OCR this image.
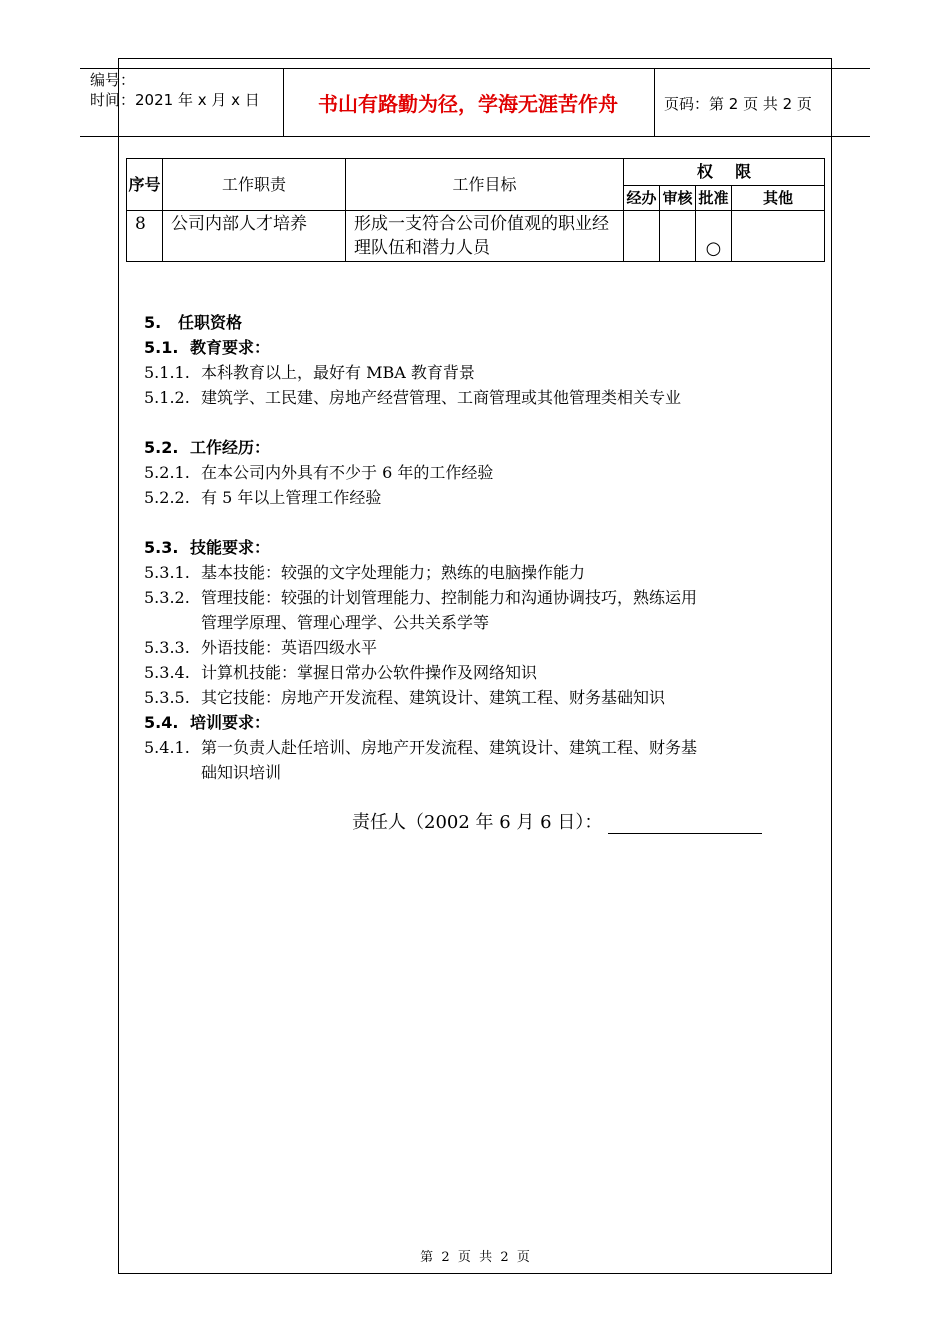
编号：
时间：2021 年 x 月 x 日	书山有路勤为径，学海无涯苦作舟	页码：第 2 页 共 2 页
序号	工作职责	工作目标	权    限			
			经办	审核	批准	其他
8	公司内部人才培养	形成一支符合公司价值观的职业经理队伍和潜力人员			○	
5. 任职资格
5.1. 教育要求：
5.1.1. 本科教育以上，最好有 MBA 教育背景
5.1.2. 建筑学、工民建、房地产经营管理、工商管理或其他管理类相关专业
5.2. 工作经历：
5.2.1. 在本公司内外具有不少于 6 年的工作经验
5.2.2. 有 5 年以上管理工作经验
5.3. 技能要求：
5.3.1. 基本技能：较强的文字处理能力；熟练的电脑操作能力
5.3.2. 管理技能：较强的计划管理能力、控制能力和沟通协调技巧，熟练运用
管理学原理、管理心理学、公共关系学等
5.3.3. 外语技能：英语四级水平
5.3.4. 计算机技能：掌握日常办公软件操作及网络知识
5.3.5. 其它技能：房地产开发流程、建筑设计、建筑工程、财务基础知识
5.4. 培训要求：
5.4.1. 第一负责人赴任培训、房地产开发流程、建筑设计、建筑工程、财务基
础知识培训
责任人（2002 年 6 月 6 日）：
第  2  页  共  2  页
